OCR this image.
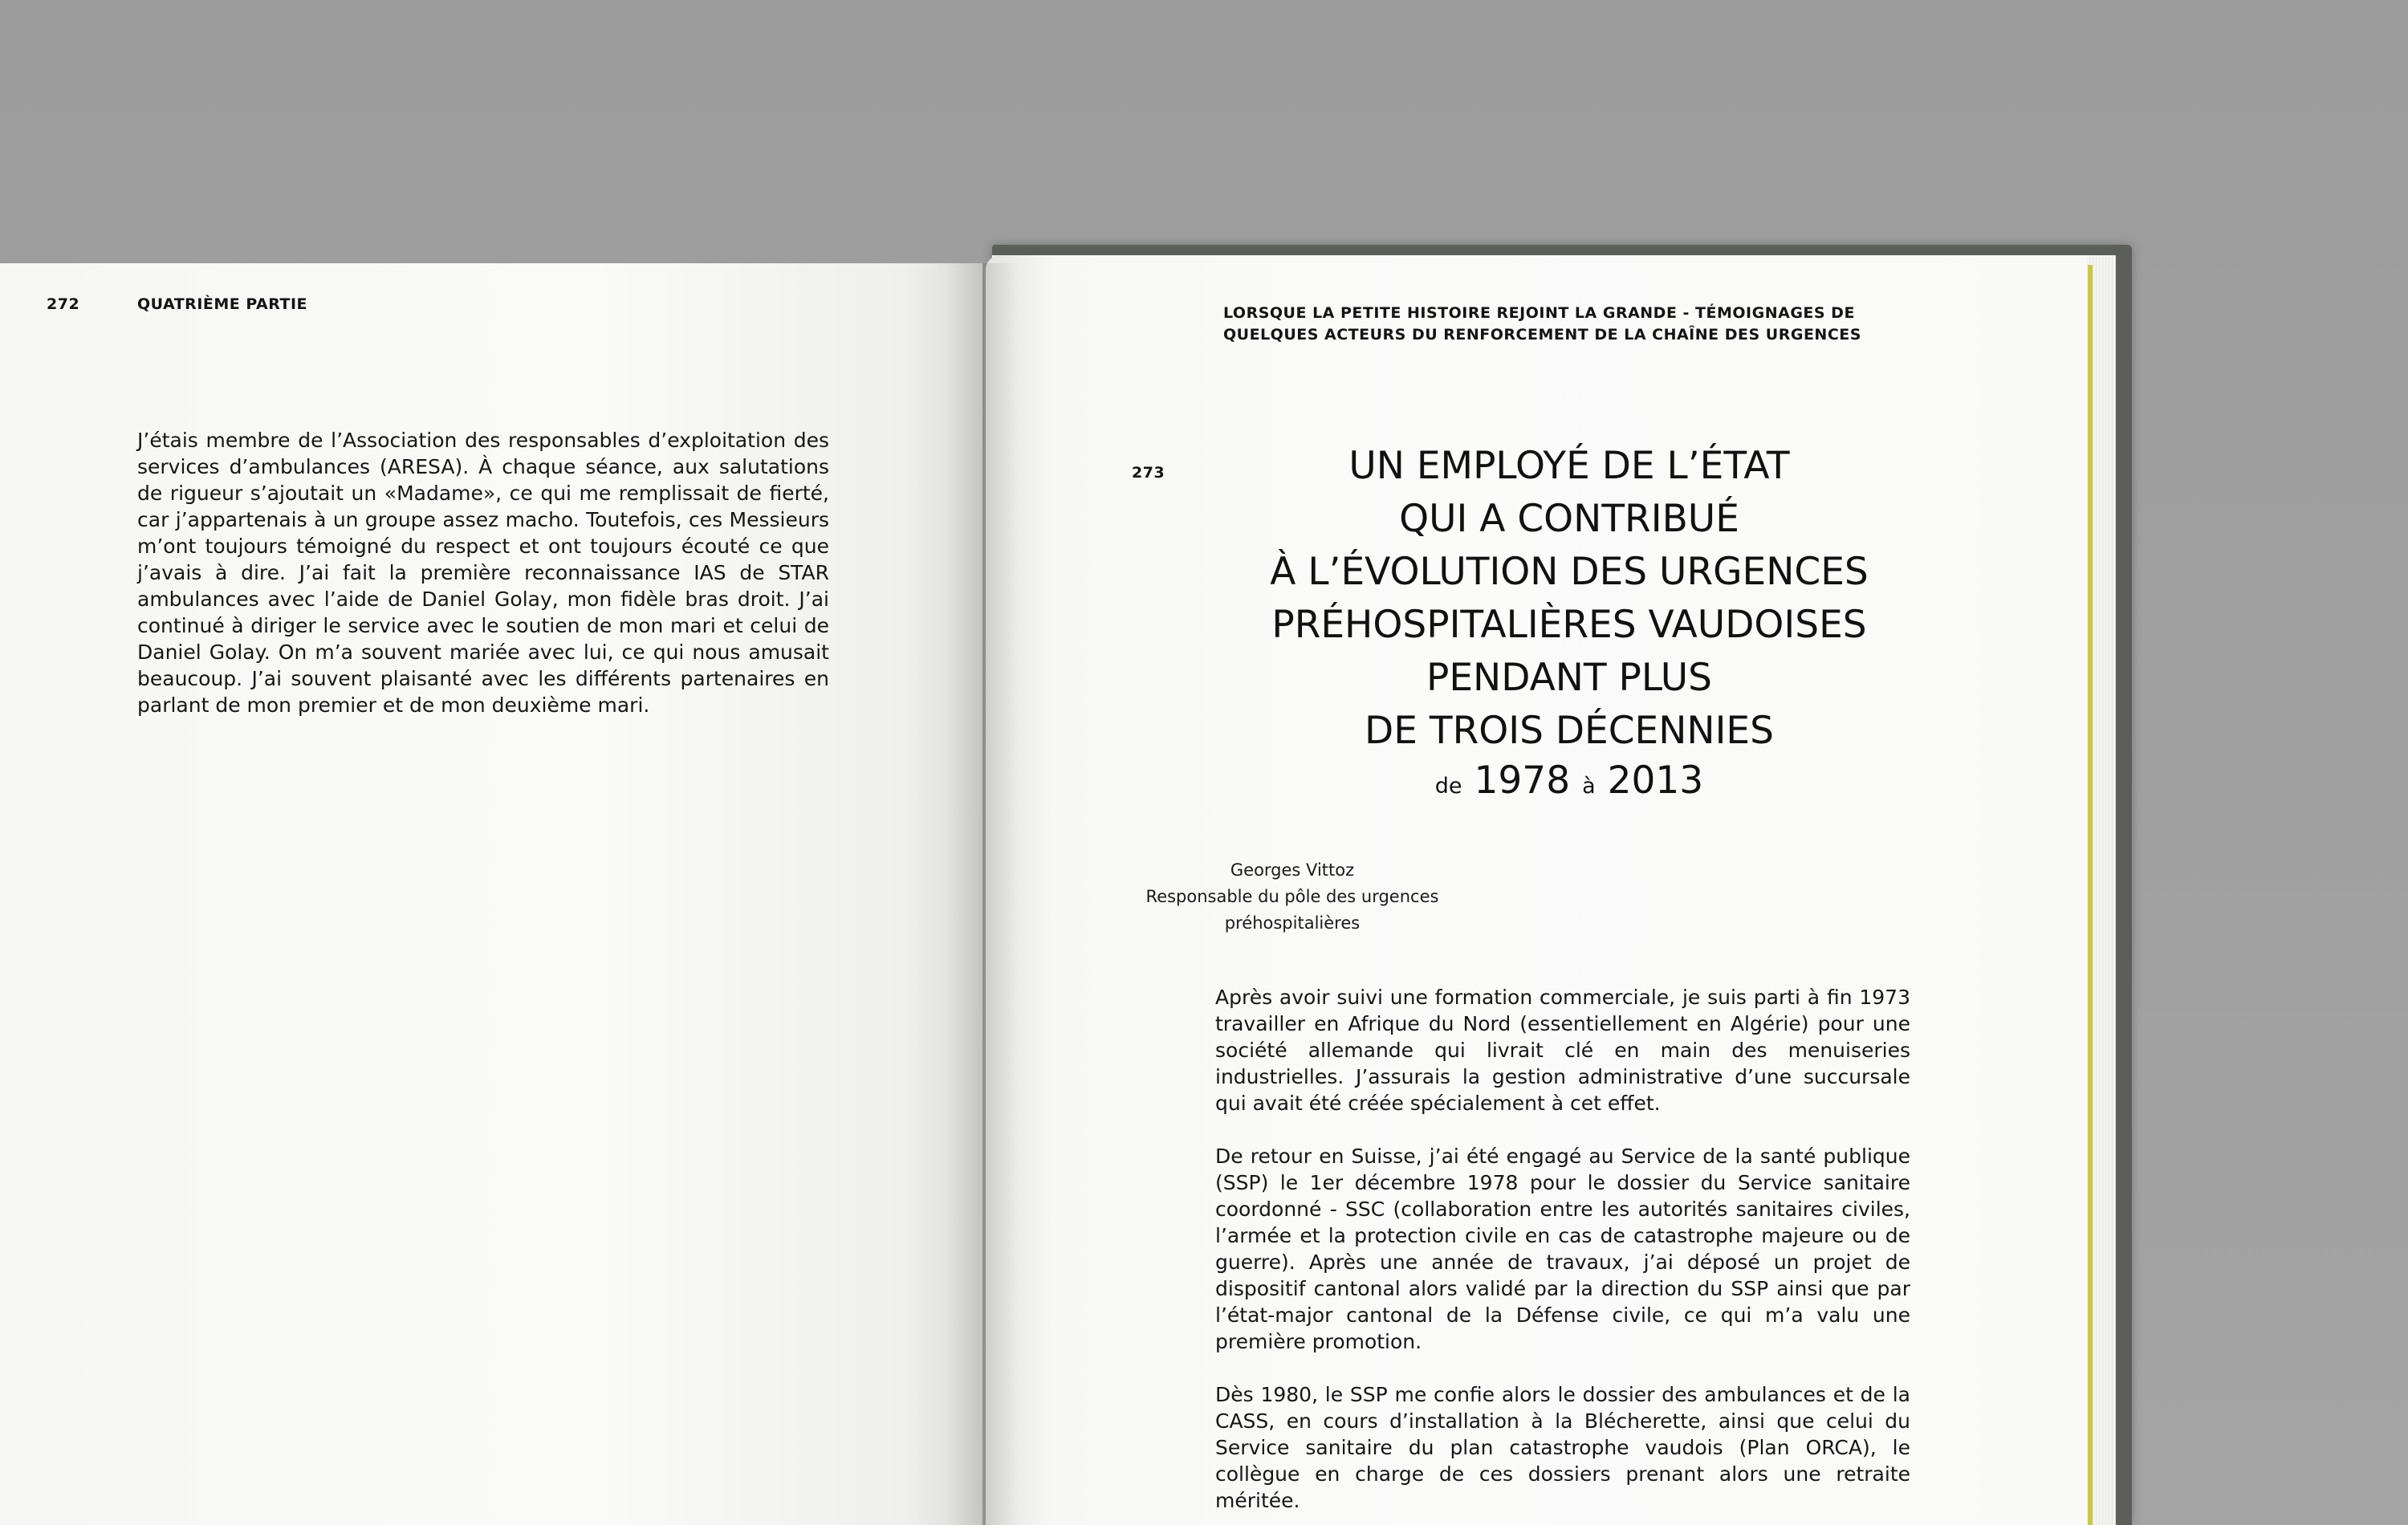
272	QUATRIÈME PARTIE

J’étais membre de l’Association des responsables d’exploitation des services d’ambulances (ARESA). À chaque séance, aux salutations de rigueur s’ajoutait un «Madame», ce qui me remplissait de fierté, car j’appartenais à un groupe assez macho. Toutefois, ces Messieurs m’ont toujours témoigné du respect et ont toujours écouté ce que j’avais à dire. J’ai fait la première reconnaissance IAS de STAR ambulances avec l’aide de Daniel Golay, mon fidèle bras droit. J’ai continué à diriger le service avec le soutien de mon mari et celui de Daniel Golay. On m’a souvent mariée avec lui, ce qui nous amusait beaucoup. J’ai souvent plaisanté avec les différents partenaires en parlant de mon premier et de mon deuxième mari.

LORSQUE LA PETITE HISTOIRE REJOINT LA GRANDE - TÉMOIGNAGES DE QUELQUES ACTEURS DU RENFORCEMENT DE LA CHAÎNE DES URGENCES

273	UN EMPLOYÉ DE L’ÉTAT
QUI A CONTRIBUÉ
À L’ÉVOLUTION DES URGENCES
PRÉHOSPITALIÈRES VAUDOISES
PENDANT PLUS
DE TROIS DÉCENNIES
de 1978 à 2013
Georges Vittoz
Responsable du pôle des urgences
préhospitalières

Après avoir suivi une formation commerciale, je suis parti à fin 1973 travailler en Afrique du Nord (essentiellement en Algérie) pour une société allemande qui livrait clé en main des menuiseries industrielles. J’assurais la gestion administrative d’une succursale qui avait été créée spécialement à cet effet.

De retour en Suisse, j’ai été engagé au Service de la santé publique (SSP) le 1er décembre 1978 pour le dossier du Service sanitaire coordonné - SSC (collaboration entre les autorités sanitaires civiles, l’armée et la protection civile en cas de catastrophe majeure ou de guerre). Après une année de travaux, j’ai déposé un projet de dispositif cantonal alors validé par la direction du SSP ainsi que par l’état-major cantonal de la Défense civile, ce qui m’a valu une première promotion.

Dès 1980, le SSP me confie alors le dossier des ambulances et de la CASS, en cours d’installation à la Blécherette, ainsi que celui du Service sanitaire du plan catastrophe vaudois (Plan ORCA), le collègue en charge de ces dossiers prenant alors une retraite méritée.
